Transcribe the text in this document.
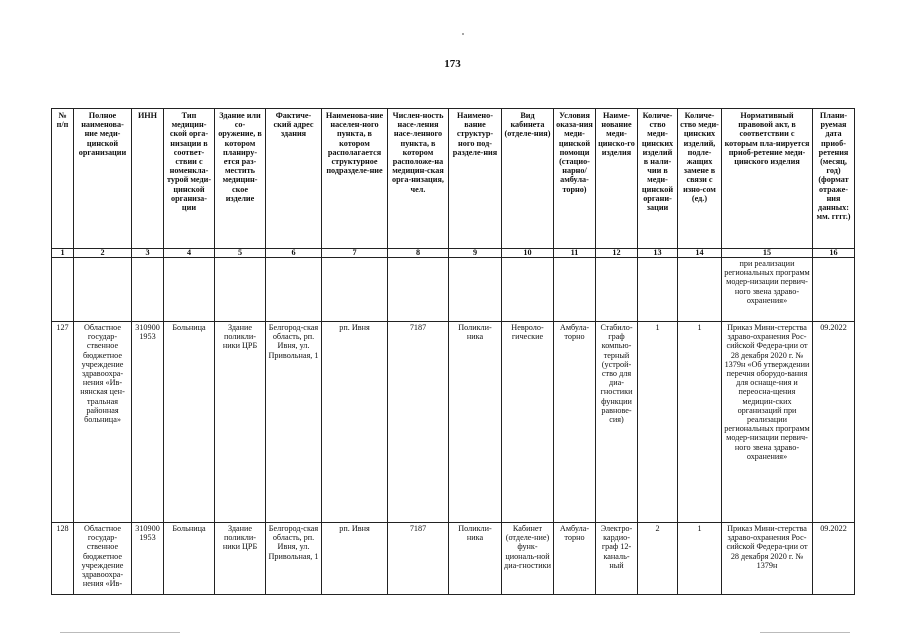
173
№ п/п	Полное наименова-ние меди-цинской организации	ИНН	Тип медицин-ской орга-низации в соответ-ствии с номенкла-турой меди-цинской организа-ции	Здание или со-оружение, в котором планиру-ется раз-местить медицин-ское изделие	Фактиче-ский адрес здания	Наименова-ние населен-ного пункта, в котором располагается структурное подразделе-ние	Числен-ность насе-ления насе-ленного пункта, в котором расположе-на медицин-ская орга-низация, чел.	Наимено-вание структур-ного под-разделе-ния	Вид кабинета (отделе-ния)	Условия оказа-ния меди-цинской помощи (стацио-нарно/ амбула-торно)	Наиме-нование меди-цинско-го изделия	Количе-ство меди-цинских изделий в нали-чии в меди-цинской органи-зации	Количе-ство меди-цинских изделий, подле-жащих замене в связи с изно-сом (ед.)	Нормативный правовой акт, в соответствии с которым пла-нируется приоб-ретение меди-цинского изделия	Плани-руемая дата приоб-ретения (месяц, год) (формат отраже-ния данных: мм. гггг.)
1	2	3	4	5	6	7	8	9	10	11	12	13	14	15	16
														при реализации региональных программ модер-низации первич-ного звена здраво-охранения»	
127	Областное государ-ственное бюджетное учреждение здравоохра-нения «Ив-нянская цен-тральная районная больница»	310900 1953	Больница	Здание поликли-ники ЦРБ	Белгород-ская область, рп. Ивня, ул. Привольная, 1	рп. Ивня	7187	Поликли-ника	Невроло-гические	Амбула-торно	Стабило-граф компью-терный (устрой-ство для диа-гностики функции равнове-сия)	1	1	Приказ Мини-стерства здраво-охранения Рос-сийской Федера-ции от 28 декабря 2020 г. № 1379н «Об утверждении перечня оборудо-вания для оснаще-ния и переосна-щения медицин-ских организаций при реализации региональных программ модер-низации первич-ного звена здраво-охранения»	09.2022
128	Областное государ-ственное бюджетное учреждение здравоохра-нения «Ив-	310900 1953	Больница	Здание поликли-ники ЦРБ	Белгород-ская область, рп. Ивня, ул. Привольная, 1	рп. Ивня	7187	Поликли-ника	Кабинет (отделе-ние) функ-циональ-ной диа-гностики	Амбула-торно	Электро-кардио-граф 12-каналь-ный	2	1	Приказ Мини-стерства здраво-охранения Рос-сийской Федера-ции от 28 декабря 2020 г. № 1379н	09.2022
